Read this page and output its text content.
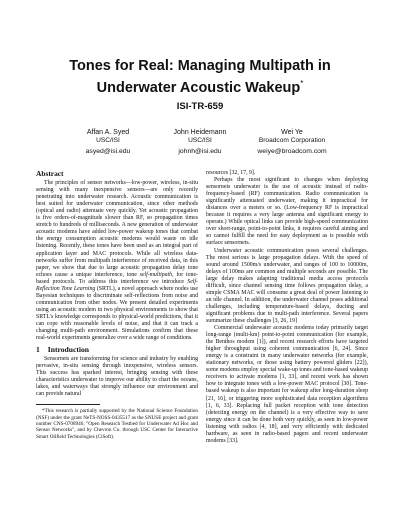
Tones for Real: Managing Multipath in
Underwater Acoustic Wakeup*
ISI-TR-659
Affan A. Syed
USC/ISI
asyed@isi.edu
John Heidemann
USC/ISI
johnh@isi.edu
Wei Ye
Broadcom Corporation
weiye@broadcom.com
Abstract

The principles of sensor networks—low-power, wireless, in-situ sensing with many inexpensive sensors—are only recently penetrating into underwater research. Acoustic communication is best suited for underwater communication, since other methods (optical and radio) attenuate very quickly. Yet acoustic propagation is five orders-of-magnitude slower than RF, so propagation times stretch to hundreds of milliseconds. A new generation of underwater acoustic modems have added low-power wakeup tones that combat the energy consumption acoustic modems would waste on idle listening. Recently, these tones have been used as an integral part of application layer and MAC protocols. While all wireless data-networks suffer from multipath interference of received data, in this paper, we show that due to large acoustic propagation delay tone echoes cause a unique interference, tone self-multipath, for tone-based protocols. To address this interference we introduce Self-Reflection Tone Learning (SRTL), a novel approach where nodes use Bayesian techniques to discriminate self-reflections from noise and communication from other nodes. We present detailed experiments using an acoustic modem in two physical environments to show that SRTL's knowledge corresponds to physical-world predictions, that it can cope with reasonable levels of noise, and that it can track a changing multi-path environment. Simulations confirm that these real-world experiments generalize over a wide range of conditions.

1 Introduction

Sensornets are transforming for science and industry by enabling pervasive, in-situ sensing through inexpensive, wireless sensors. This success has sparked interest, bringing sensing with these characteristics underwater to improve our ability to chart the oceans, lakes, and waterways that strongly influence our environment and can provide natural

*This research is partially supported by the National Science Foundation (NSF) under the grant NeTS-NOSS-0435517 as the SNUSE project and grant number CNS-0708946, "Open Research Testbed for Underwater Ad Hoc and Sensor Networks", and by Chevron Co. through USC Center for Interactive Smart Oilfield Technologies (CiSoft).

resources [32, 17, 9].

Perhaps the most significant to changes when deploying sensornets underwater is the use of acoustic instead of radio-frequency-based (RF) communication. Radio communication is significantly attenuated underwater, making it impractical for distances over a meters or so. (Low-frequency RF is impractical because it requires a very large antenna and significant energy to operate.) While optical links can provide high-speed communication over short-range, point-to-point links, it requires careful aiming and so cannot fulfill the need for easy deployment as is possible with surface sensornets.

Underwater acoustic communication poses several challenges. The most serious is large propagation delays. With the speed of sound around 1500m/s underwater, and ranges of 100 to 10000m, delays of 100ms are common and multiple seconds are possible. The large delay makes adapting traditional media access protocols difficult, since channel sensing time follows propagation delay, a simple CSMA MAC will consume a great deal of power listening to an idle channel. In addition, the underwater channel poses additional challenges, including temperature-based delays, ducting and significant problems due to multi-path interference. Several papers summarize these challenges [3, 26, 19]

Commercial underwater acoustic modems today primarily target long-range (multi-km) point-to-point communication (for example, the Benthos modem [1]), and recent research efforts have targeted higher throughput using coherent communication [6, 24]. Since energy is a constraint in many underwater networks (for example, stationary networks, or those using battery powered gliders [22]), some modems employ special wake-up tones and tone-based wakeup receivers to activate modems [1, 33], and recent work has shown how to integrate tones with a low-power MAC protocol [30]. Tone-based wakeup is also important for wakeup after long-duration sleep [21, 16], or triggering more sophisticated data reception algorithms [1, 6, 33]. Replacing full packet reception with tone detection (detecting energy on the channel) is a very effective way to save energy since it can be done both very quickly, as seen in low-power listening with radios [4, 18], and very efficiently with dedicated hardware, as seen in radio-based pagers and recent underwater modems [33].
